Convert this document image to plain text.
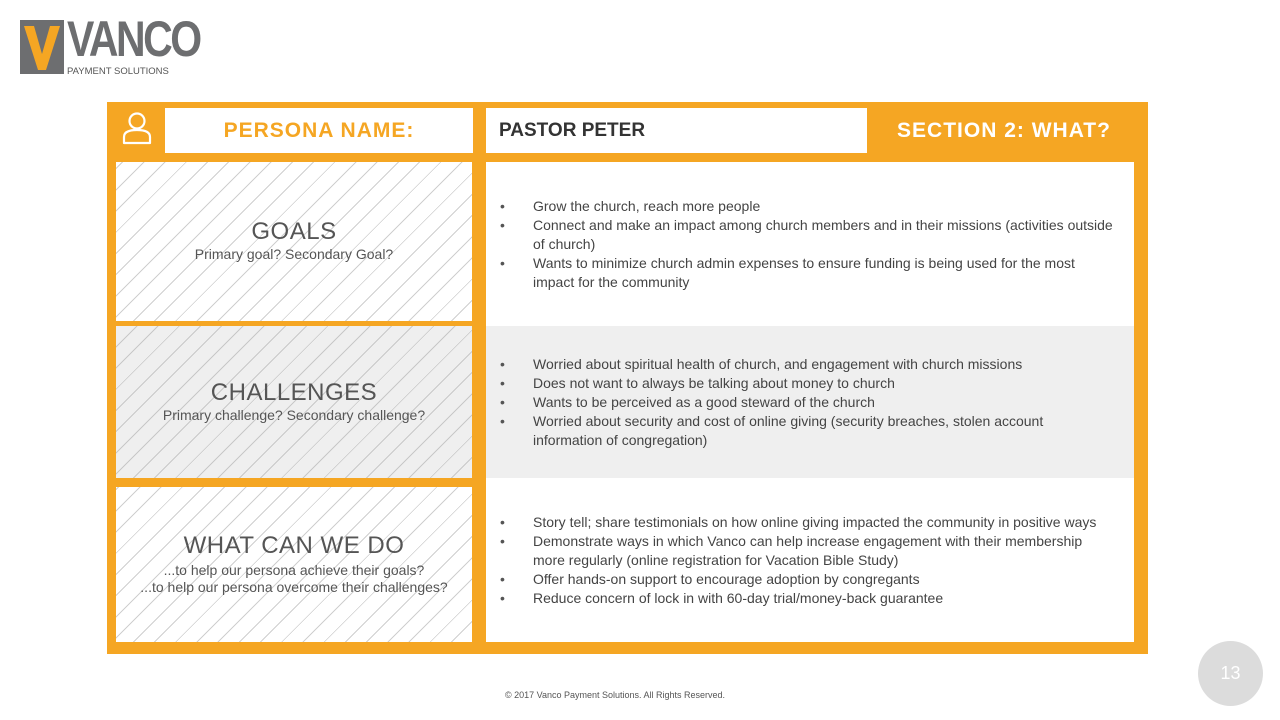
VANCO
PAYMENT SOLUTIONS
PERSONA NAME:	PASTOR PETER	SECTION 2: WHAT?
GOALS
Primary goal? Secondary Goal?
• Grow the church, reach more people
• Connect and make an impact among church members and in their missions (activities outside of church)
• Wants to minimize church admin expenses to ensure funding is being used for the most impact for the community
CHALLENGES
Primary challenge? Secondary challenge?
• Worried about spiritual health of church, and engagement with church missions
• Does not want to always be talking about money to church
• Wants to be perceived as a good steward of the church
• Worried about security and cost of online giving (security breaches, stolen account information of congregation)
WHAT CAN WE DO
...to help our persona achieve their goals?
...to help our persona overcome their challenges?
• Story tell; share testimonials on how online giving impacted the community in positive ways
• Demonstrate ways in which Vanco can help increase engagement with their membership more regularly (online registration for Vacation Bible Study)
• Offer hands-on support to encourage adoption by congregants
• Reduce concern of lock in with 60-day trial/money-back guarantee
© 2017 Vanco Payment Solutions. All Rights Reserved.
13
